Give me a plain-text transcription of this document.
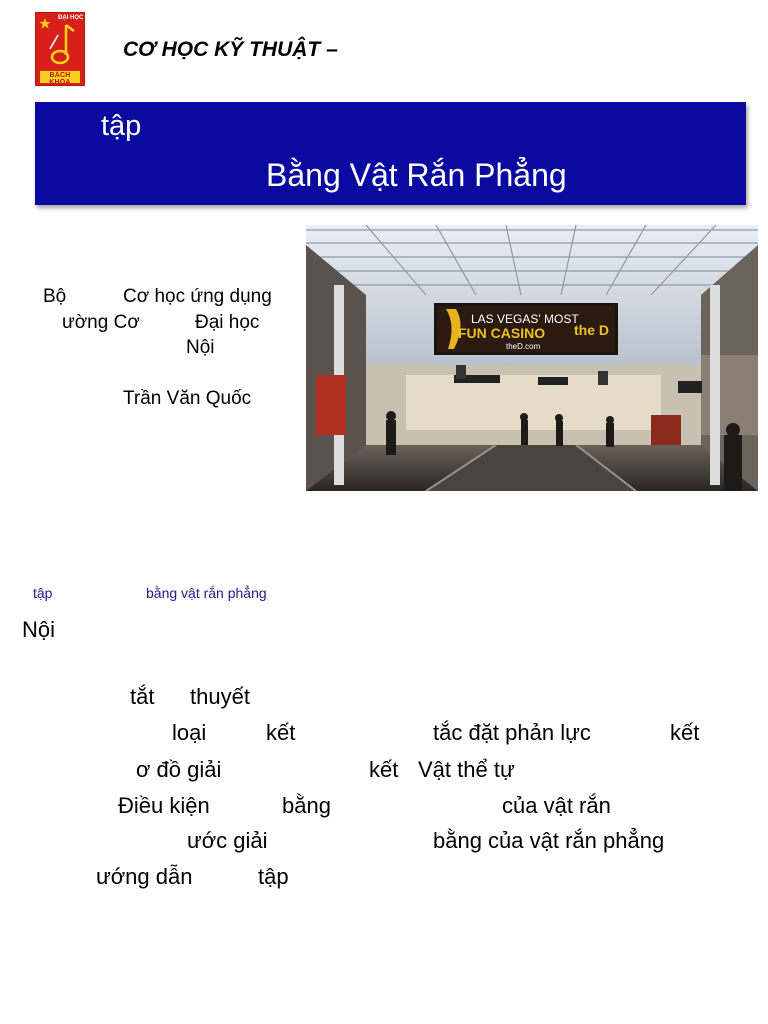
ĐẠI HỌC
BÁCH KHOA
CƠ HỌC KỸ THUẬT –
tập
Bằng Vật Rắn Phẳng
Bộ	Cơ học ứng dụng
ường Cơ	Đại học
Nội
Trần Văn Quốc
LAS VEGAS' MOST
FUN CASINO the D
theD.com
tập	bằng vật rắn phẳng
Nội
tắt thuyết
loại	kết	tắc đặt phản lực	kết
ơ đồ giải	kết Vật thể tự
Điều kiện	bằng	của vật rắn
ước giải	bằng của vật rắn phẳng
ướng dẫn	tập
